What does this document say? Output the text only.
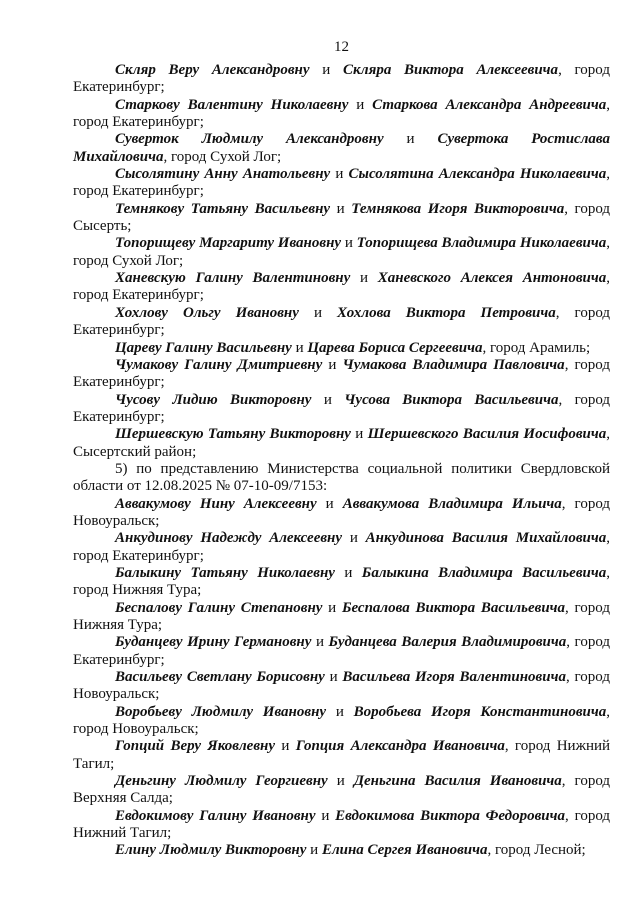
12

Скляр Веру Александровну и Скляра Виктора Алексеевича, город Екатеринбург;

Старкову Валентину Николаевну и Старкова Александра Андреевича, город Екатеринбург;

Суверток Людмилу Александровну и Сувертока Ростислава Михайловича, город Сухой Лог;

Сысолятину Анну Анатольевну и Сысолятина Александра Николаевича, город Екатеринбург;

Темнякову Татьяну Васильевну и Темнякова Игоря Викторовича, город Сысерть;

Топорищеву Маргариту Ивановну и Топорищева Владимира Николаевича, город Сухой Лог;

Ханевскую Галину Валентиновну и Ханевского Алексея Антоновича, город Екатеринбург;

Хохлову Ольгу Ивановну и Хохлова Виктора Петровича, город Екатеринбург;

Цареву Галину Васильевну и Царева Бориса Сергеевича, город Арамиль;

Чумакову Галину Дмитриевну и Чумакова Владимира Павловича, город Екатеринбург;

Чусову Лидию Викторовну и Чусова Виктора Васильевича, город Екатеринбург;

Шершевскую Татьяну Викторовну и Шершевского Василия Иосифовича, Сысертский район;

5) по представлению Министерства социальной политики Свердловской области от 12.08.2025 № 07-10-09/7153:

Аввакумову Нину Алексеевну и Аввакумова Владимира Ильича, город Новоуральск;

Анкудинову Надежду Алексеевну и Анкудинова Василия Михайловича, город Екатеринбург;

Балыкину Татьяну Николаевну и Балыкина Владимира Васильевича, город Нижняя Тура;

Беспалову Галину Степановну и Беспалова Виктора Васильевича, город Нижняя Тура;

Буданцеву Ирину Германовну и Буданцева Валерия Владимировича, город Екатеринбург;

Васильеву Светлану Борисовну и Васильева Игоря Валентиновича, город Новоуральск;

Воробьеву Людмилу Ивановну и Воробьева Игоря Константиновича, город Новоуральск;

Гопций Веру Яковлевну и Гопция Александра Ивановича, город Нижний Тагил;

Деньгину Людмилу Георгиевну и Деньгина Василия Ивановича, город Верхняя Салда;

Евдокимову Галину Ивановну и Евдокимова Виктора Федоровича, город Нижний Тагил;

Елину Людмилу Викторовну и Елина Сергея Ивановича, город Лесной;
